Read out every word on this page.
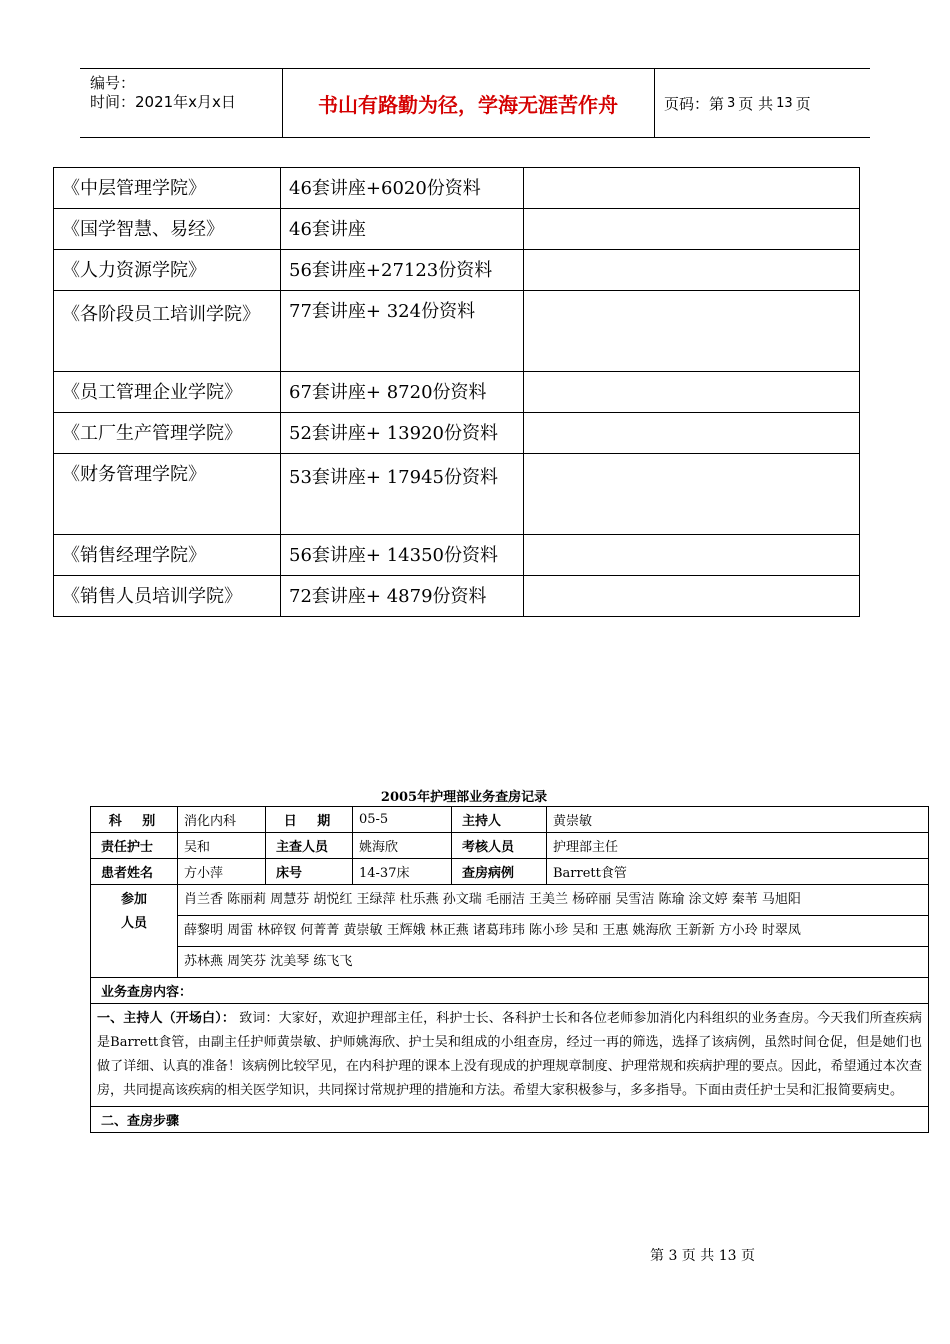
编号：
时间：2021年x月x日	书山有路勤为径，学海无涯苦作舟	页码：第 3 页 共 13 页
《中层管理学院》	46套讲座+6020份资料	
《国学智慧、易经》	46套讲座	
《人力资源学院》	56套讲座+27123份资料	
《各阶段员工培训学院》	77套讲座+ 324份资料	
《员工管理企业学院》	67套讲座+ 8720份资料	
《工厂生产管理学院》	52套讲座+ 13920份资料	
《财务管理学院》	53套讲座+ 17945份资料	
《销售经理学院》	56套讲座+ 14350份资料	
《销售人员培训学院》	72套讲座+ 4879份资料	
2005年护理部业务查房记录
科 别	消化内科	日 期	05-5	主持人	黄崇敏
责任护士	吴和	主查人员	姚海欣	考核人员	护理部主任
患者姓名	方小萍	床号	14-37床	查房病例	Barrett食管

参加
人员	肖兰香 陈丽莉 周慧芬 胡悦红 王绿萍 杜乐燕 孙文瑞 毛丽洁 王美兰 杨碎丽 吴雪洁 陈瑜 涂文婷 秦苇 马旭阳				
	薛黎明 周雷 林碎钗 何菁菁 黄崇敏 王辉娥 林正燕 诸葛玮玮 陈小珍 吴和 王惠 姚海欣 王新新 方小玲 时翠凤				
	苏林燕 周笑芬 沈美琴 练飞飞				
业务查房内容：					
一、主持人（开场白）： 致词：大家好，欢迎护理部主任，科护士长、各科护士长和各位老师参加消化内科组织的业务查房。今天我们所查疾病是Barrett食管，由副主任护师黄崇敏、护师姚海欣、护士吴和组成的小组查房，经过一再的筛选，选择了该病例，虽然时间仓促，但是她们也做了详细、认真的准备！该病例比较罕见，在内科护理的课本上没有现成的护理规章制度、护理常规和疾病护理的要点。因此，希望通过本次查房，共同提高该疾病的相关医学知识，共同探讨常规护理的措施和方法。希望大家积极参与，多多指导。下面由责任护士吴和汇报简要病史。					
二、查房步骤					
第 3 页 共 13 页
